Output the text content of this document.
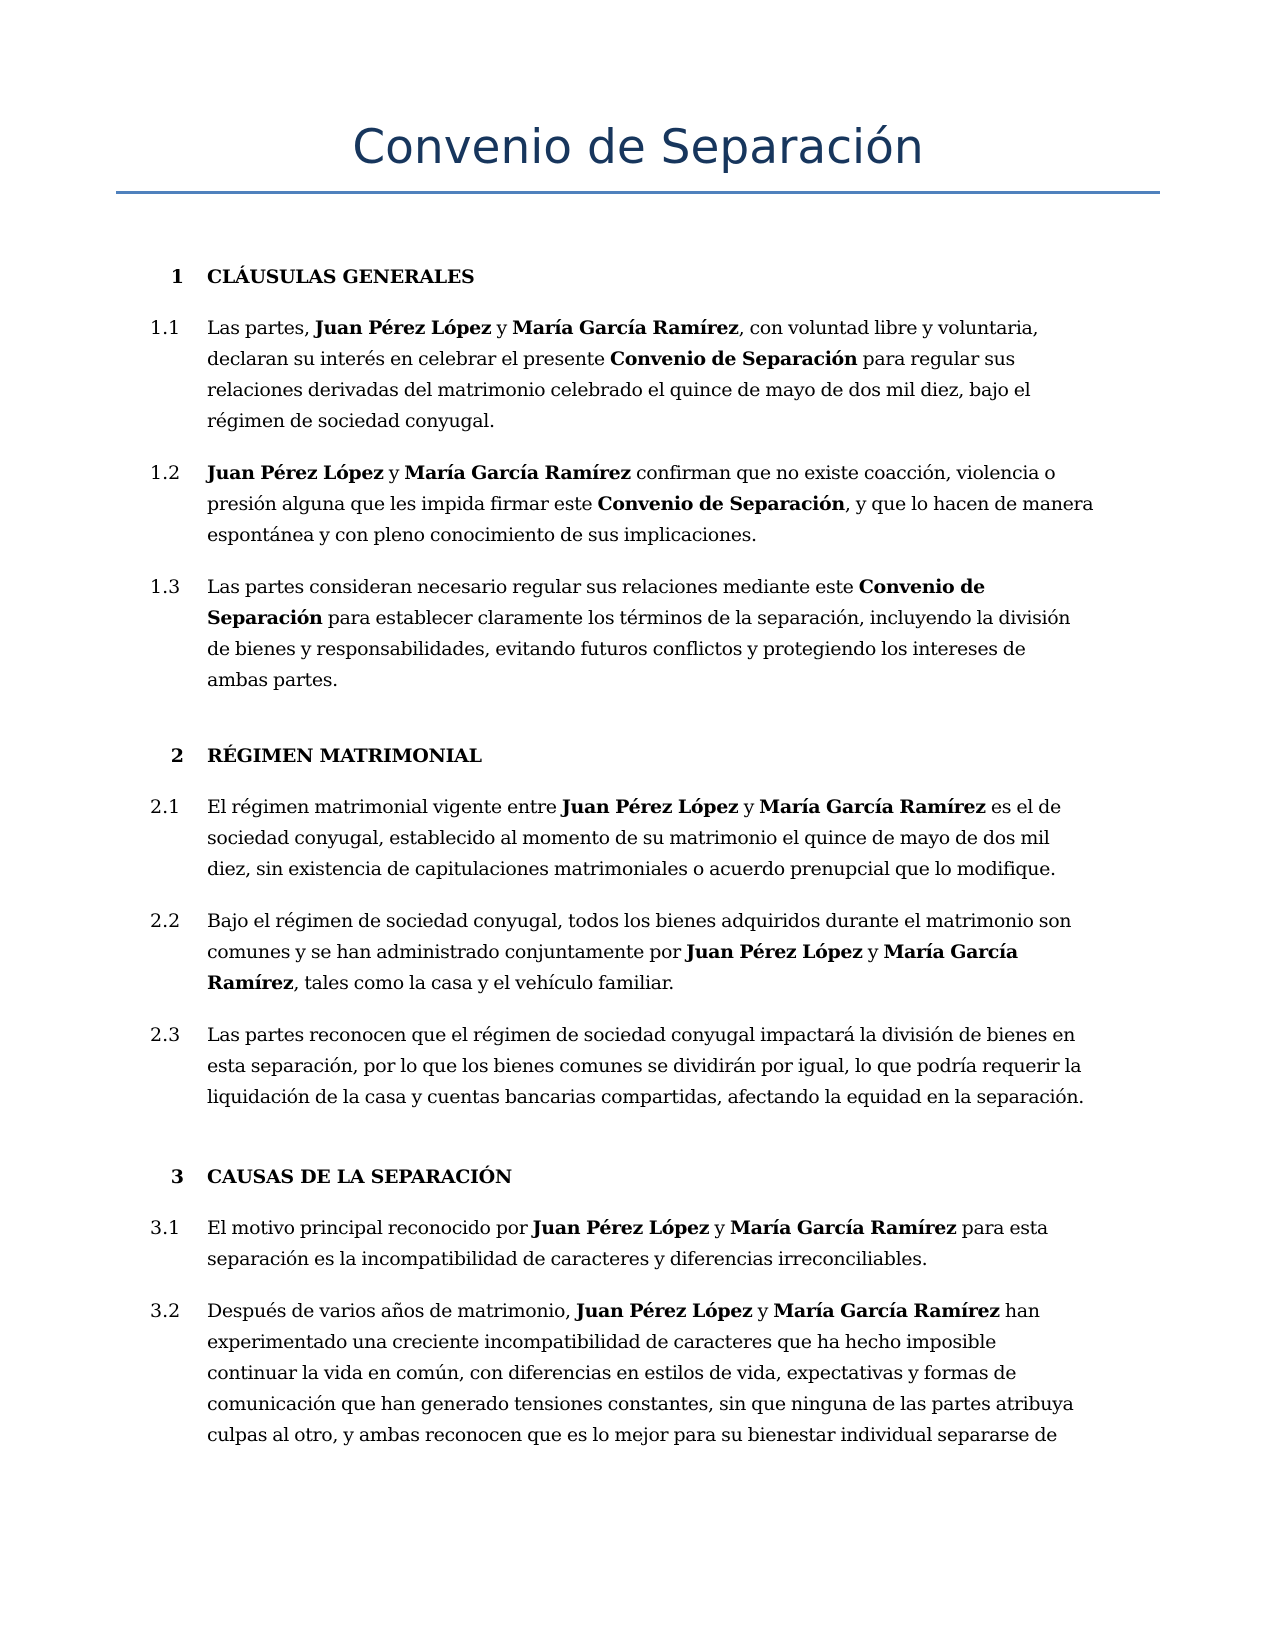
Convenio de Separación
1 CLÁUSULAS GENERALES
1.1 Las partes, Juan Pérez López y María García Ramírez, con voluntad libre y voluntaria,
declaran su interés en celebrar el presente Convenio de Separación para regular sus
relaciones derivadas del matrimonio celebrado el quince de mayo de dos mil diez, bajo el
régimen de sociedad conyugal.
1.2 Juan Pérez López y María García Ramírez confirman que no existe coacción, violencia o
presión alguna que les impida firmar este Convenio de Separación, y que lo hacen de manera
espontánea y con pleno conocimiento de sus implicaciones.
1.3 Las partes consideran necesario regular sus relaciones mediante este Convenio de
Separación para establecer claramente los términos de la separación, incluyendo la división
de bienes y responsabilidades, evitando futuros conflictos y protegiendo los intereses de
ambas partes.
2 RÉGIMEN MATRIMONIAL
2.1 El régimen matrimonial vigente entre Juan Pérez López y María García Ramírez es el de
sociedad conyugal, establecido al momento de su matrimonio el quince de mayo de dos mil
diez, sin existencia de capitulaciones matrimoniales o acuerdo prenupcial que lo modifique.
2.2 Bajo el régimen de sociedad conyugal, todos los bienes adquiridos durante el matrimonio son
comunes y se han administrado conjuntamente por Juan Pérez López y María García
Ramírez, tales como la casa y el vehículo familiar.
2.3 Las partes reconocen que el régimen de sociedad conyugal impactará la división de bienes en
esta separación, por lo que los bienes comunes se dividirán por igual, lo que podría requerir la
liquidación de la casa y cuentas bancarias compartidas, afectando la equidad en la separación.
3 CAUSAS DE LA SEPARACIÓN
3.1 El motivo principal reconocido por Juan Pérez López y María García Ramírez para esta
separación es la incompatibilidad de caracteres y diferencias irreconciliables.
3.2 Después de varios años de matrimonio, Juan Pérez López y María García Ramírez han
experimentado una creciente incompatibilidad de caracteres que ha hecho imposible
continuar la vida en común, con diferencias en estilos de vida, expectativas y formas de
comunicación que han generado tensiones constantes, sin que ninguna de las partes atribuya
culpas al otro, y ambas reconocen que es lo mejor para su bienestar individual separarse de
